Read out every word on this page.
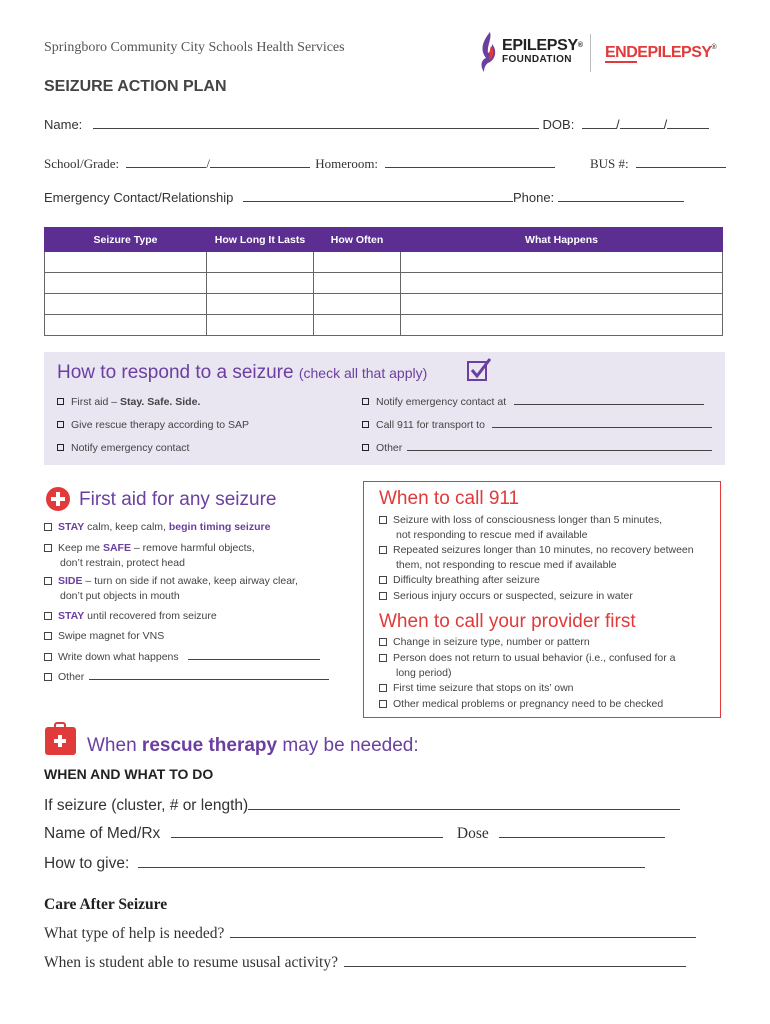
Springboro Community City Schools Health Services	EPILEPSY®
FOUNDATION ENDEPILEPSY®
SEIZURE ACTION PLAN
Name:	DOB:	/	/
School/Grade:	/	Homeroom:	BUS #:
Emergency Contact/Relationship	Phone:
Seizure Type	How Long It Lasts	How Often	What Happens

How to respond to a seizure (check all that apply)
First aid – Stay. Safe. Side.
Give rescue therapy according to SAP
Notify emergency contact
Notify emergency contact at
Call 911 for transport to
Other
First aid for any seizure
STAY calm, keep calm, begin timing seizure
Keep me SAFE – remove harmful objects,
don’t restrain, protect head
SIDE – turn on side if not awake, keep airway clear,
don’t put objects in mouth
STAY until recovered from seizure
Swipe magnet for VNS
Write down what happens
Other
When to call 911
Seizure with loss of consciousness longer than 5 minutes,
not responding to rescue med if available
Repeated seizures longer than 10 minutes, no recovery between
them, not responding to rescue med if available
Difficulty breathing after seizure
Serious injury occurs or suspected, seizure in water
When to call your provider first
Change in seizure type, number or pattern
Person does not return to usual behavior (i.e., confused for a
long period)
First time seizure that stops on its’ own
Other medical problems or pregnancy need to be checked
When rescue therapy may be needed:
WHEN AND WHAT TO DO
If seizure (cluster, # or length)
Name of Med/Rx	Dose
How to give:
Care After Seizure
What type of help is needed?
When is student able to resume ususal activity?
